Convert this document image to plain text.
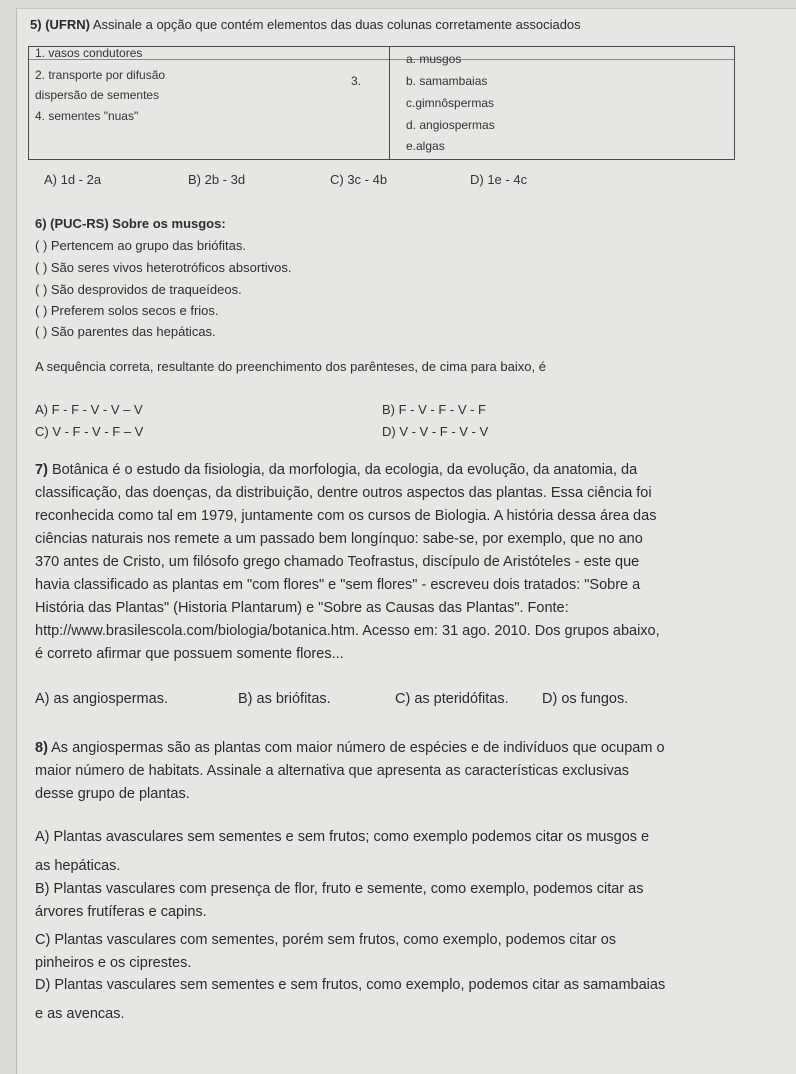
5) (UFRN) Assinale a opção que contém elementos das duas colunas corretamente associados
1. vasos condutores
2. transporte por difusão
dispersão de sementes
4. sementes "nuas"
3.
a. musgos
b. samambaias
c.gimnôspermas
d. angiospermas
e.algas
A) 1d - 2a	B) 2b - 3d	C) 3c - 4b	D) 1e - 4c
6) (PUC-RS) Sobre os musgos:
( ) Pertencem ao grupo das briófitas.
( ) São seres vivos heterotróficos absortivos.
( ) São desprovidos de traqueídeos.
( ) Preferem solos secos e frios.
( ) São parentes das hepáticas.
A sequência correta, resultante do preenchimento dos parênteses, de cima para baixo, é
A) F - F - V - V – V	B) F - V - F - V - F
C) V - F - V - F – V	D) V - V - F - V - V
7) Botânica é o estudo da fisiologia, da morfologia, da ecologia, da evolução, da anatomia, da
classificação, das doenças, da distribuição, dentre outros aspectos das plantas. Essa ciência foi
reconhecida como tal em 1979, juntamente com os cursos de Biologia. A história dessa área das
ciências naturais nos remete a um passado bem longínquo: sabe-se, por exemplo, que no ano
370 antes de Cristo, um filósofo grego chamado Teofrastus, discípulo de Aristóteles - este que
havia classificado as plantas em "com flores" e "sem flores" - escreveu dois tratados: "Sobre a
História das Plantas" (Historia Plantarum) e "Sobre as Causas das Plantas". Fonte:
http://www.brasilescola.com/biologia/botanica.htm. Acesso em: 31 ago. 2010. Dos grupos abaixo,
é correto afirmar que possuem somente flores...
A) as angiospermas.	B) as briófitas.	C) as pteridófitas. D) os fungos.
8) As angiospermas são as plantas com maior número de espécies e de indivíduos que ocupam o
maior número de habitats. Assinale a alternativa que apresenta as características exclusivas
desse grupo de plantas.
A) Plantas avasculares sem sementes e sem frutos; como exemplo podemos citar os musgos e
as hepáticas.
B) Plantas vasculares com presença de flor, fruto e semente, como exemplo, podemos citar as
árvores frutíferas e capins.
C) Plantas vasculares com sementes, porém sem frutos, como exemplo, podemos citar os
pinheiros e os ciprestes.
D) Plantas vasculares sem sementes e sem frutos, como exemplo, podemos citar as samambaias
e as avencas.
